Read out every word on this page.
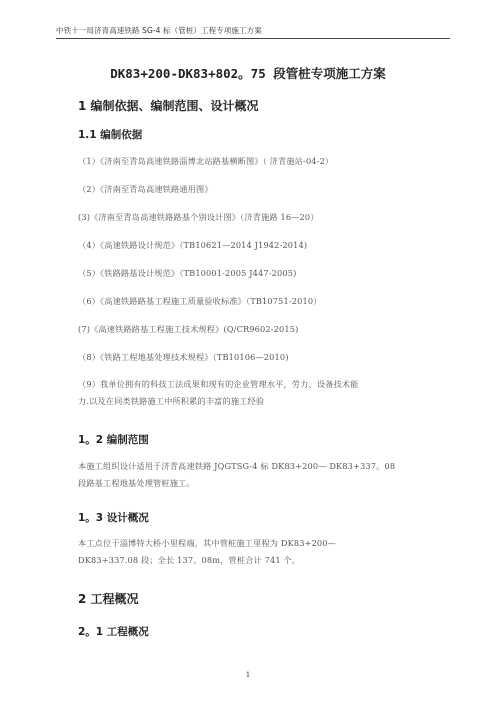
中铁十一局济青高速铁路 SG-4 标（管桩）工程专项施工方案
DK83+200-DK83+802。75 段管桩专项施工方案
1 编制依据、编制范围、设计概况
1.1 编制依据
（1）《济南至青岛高速铁路淄博北站路基横断图》（ 济青施站-04-2）
（2）《济南至青岛高速铁路通用图》
(3)《济南至青岛高速铁路路基个别设计图》（济青施路 16—20）
（4）《高速铁路设计规范》（TB10621—2014 J1942-2014)
（5）《铁路路基设计规范》（TB10001-2005 J447-2005)
（6）《高速铁路路基工程施工质量验收标准》（TB10751-2010）
(7)《高速铁路路基工程施工技术规程》(Q/CR9602-2015)
（8）《铁路工程地基处理技术规程》（TB10106—2010)
（9）我单位拥有的科技工法成果和现有的企业管理水平，劳力、设备技术能
力.以及在同类铁路施工中所积累的丰富的施工经验
1。2 编制范围
本施工组织设计适用于济青高速铁路 JQGTSG-4 标 DK83+200— DK83+337。08
段路基工程地基处理管桩施工。
1。3 设计概况
本工点位于淄博特大桥小里程端，其中管桩施工里程为 DK83+200—
DK83+337.08 段；全长 137。08m，管桩合计 741 个。
2 工程概况
2。1 工程概况
1
